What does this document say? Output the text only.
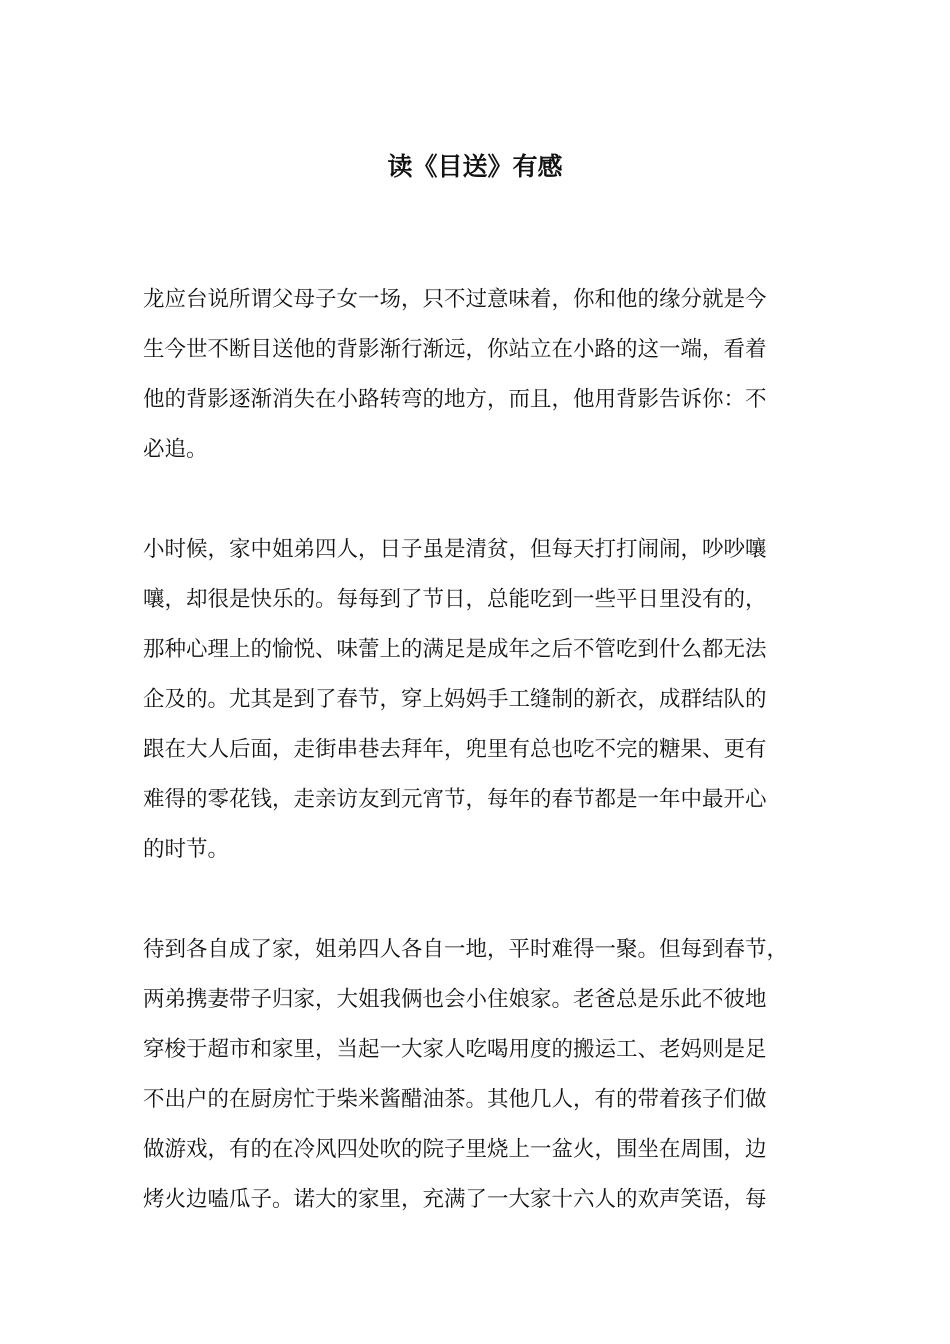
读《目送》有感
龙应台说所谓父母子女一场，只不过意味着，你和他的缘分就是今
生今世不断目送他的背影渐行渐远，你站立在小路的这一端，看着
他的背影逐渐消失在小路转弯的地方，而且，他用背影告诉你：不
必追。
小时候，家中姐弟四人，日子虽是清贫，但每天打打闹闹，吵吵嚷
嚷，却很是快乐的。每每到了节日，总能吃到一些平日里没有的，
那种心理上的愉悦、味蕾上的满足是成年之后不管吃到什么都无法
企及的。尤其是到了春节，穿上妈妈手工缝制的新衣，成群结队的
跟在大人后面，走街串巷去拜年，兜里有总也吃不完的糖果、更有
难得的零花钱，走亲访友到元宵节，每年的春节都是一年中最开心
的时节。
待到各自成了家，姐弟四人各自一地，平时难得一聚。但每到春节，
两弟携妻带子归家，大姐我俩也会小住娘家。老爸总是乐此不彼地
穿梭于超市和家里，当起一大家人吃喝用度的搬运工、老妈则是足
不出户的在厨房忙于柴米酱醋油茶。其他几人，有的带着孩子们做
做游戏，有的在冷风四处吹的院子里烧上一盆火，围坐在周围，边
烤火边嗑瓜子。诺大的家里，充满了一大家十六人的欢声笑语，每
